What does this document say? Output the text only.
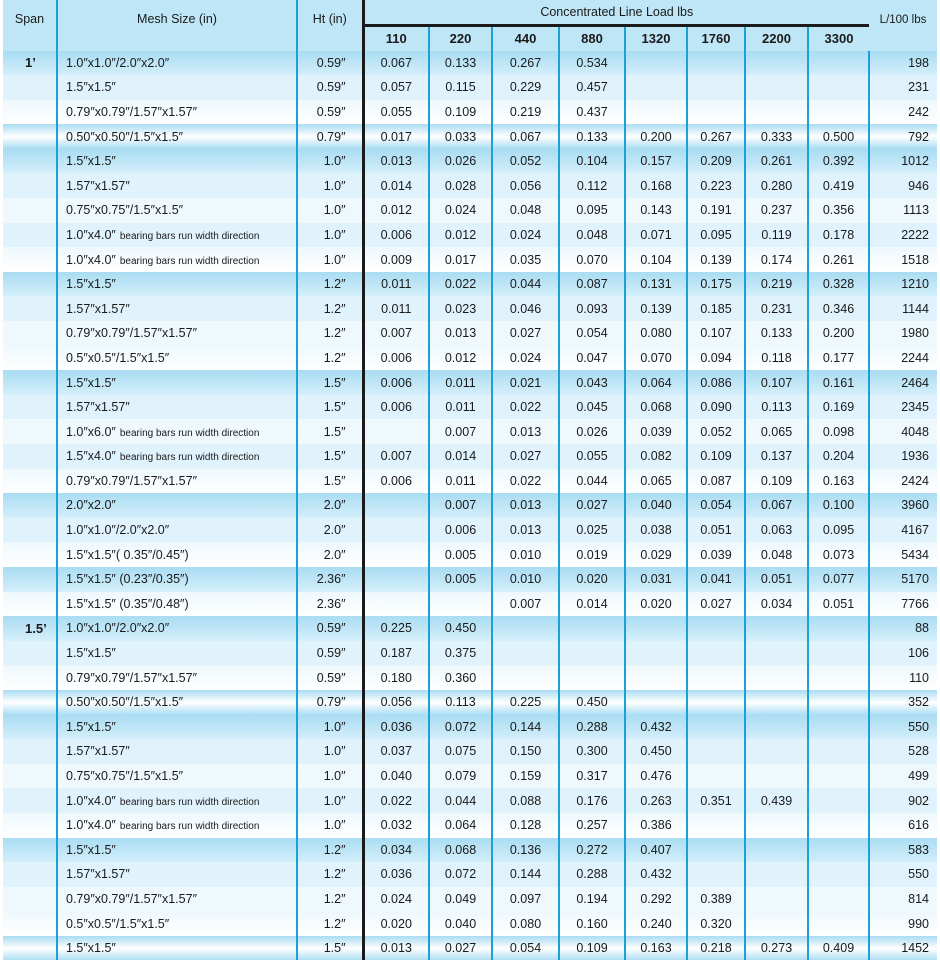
Span	Mesh Size (in)	Ht (in)	Concentrated Line Load lbs								L/100 lbs
			110	220	440	880	1320	1760	2200	3300	
1’	1.0″x1.0″/2.0″x2.0″	0.59″	0.067	0.133	0.267	0.534					198
	1.5″x1.5″	0.59″	0.057	0.115	0.229	0.457					231
	0.79″x0.79″/1.57″x1.57″	0.59″	0.055	0.109	0.219	0.437					242
	0.50″x0.50″/1.5″x1.5″	0.79″	0.017	0.033	0.067	0.133	0.200	0.267	0.333	0.500	792
	1.5″x1.5″	1.0″	0.013	0.026	0.052	0.104	0.157	0.209	0.261	0.392	1012
	1.57″x1.57″	1.0″	0.014	0.028	0.056	0.112	0.168	0.223	0.280	0.419	946
	0.75″x0.75″/1.5″x1.5″	1.0″	0.012	0.024	0.048	0.095	0.143	0.191	0.237	0.356	1113
	1.0″x4.0″ bearing bars run width direction	1.0″	0.006	0.012	0.024	0.048	0.071	0.095	0.119	0.178	2222
	1.0″x4.0″ bearing bars run width direction	1.0″	0.009	0.017	0.035	0.070	0.104	0.139	0.174	0.261	1518
	1.5″x1.5″	1.2″	0.011	0.022	0.044	0.087	0.131	0.175	0.219	0.328	1210
	1.57″x1.57″	1.2″	0.011	0.023	0.046	0.093	0.139	0.185	0.231	0.346	1144
	0.79″x0.79″/1.57″x1.57″	1.2″	0.007	0.013	0.027	0.054	0.080	0.107	0.133	0.200	1980
	0.5″x0.5″/1.5″x1.5″	1.2″	0.006	0.012	0.024	0.047	0.070	0.094	0.118	0.177	2244
	1.5″x1.5″	1.5″	0.006	0.011	0.021	0.043	0.064	0.086	0.107	0.161	2464
	1.57″x1.57″	1.5″	0.006	0.011	0.022	0.045	0.068	0.090	0.113	0.169	2345
	1.0″x6.0″ bearing bars run width direction	1.5″		0.007	0.013	0.026	0.039	0.052	0.065	0.098	4048
	1.5″x4.0″ bearing bars run width direction	1.5″	0.007	0.014	0.027	0.055	0.082	0.109	0.137	0.204	1936
	0.79″x0.79″/1.57″x1.57″	1.5″	0.006	0.011	0.022	0.044	0.065	0.087	0.109	0.163	2424
	2.0″x2.0″	2.0″		0.007	0.013	0.027	0.040	0.054	0.067	0.100	3960
	1.0″x1.0″/2.0″x2.0″	2.0″		0.006	0.013	0.025	0.038	0.051	0.063	0.095	4167
	1.5″x1.5″( 0.35″/0.45″)	2.0″		0.005	0.010	0.019	0.029	0.039	0.048	0.073	5434
	1.5″x1.5″ (0.23″/0.35″)	2.36″		0.005	0.010	0.020	0.031	0.041	0.051	0.077	5170
	1.5″x1.5″ (0.35″/0.48″)	2.36″			0.007	0.014	0.020	0.027	0.034	0.051	7766
1.5’	1.0″x1.0″/2.0″x2.0″	0.59″	0.225	0.450							88
	1.5″x1.5″	0.59″	0.187	0.375							106
	0.79″x0.79″/1.57″x1.57″	0.59″	0.180	0.360							110
	0.50″x0.50″/1.5″x1.5″	0.79″	0.056	0.113	0.225	0.450					352
	1.5″x1.5″	1.0″	0.036	0.072	0.144	0.288	0.432				550
	1.57″x1.57″	1.0″	0.037	0.075	0.150	0.300	0.450				528
	0.75″x0.75″/1.5″x1.5″	1.0″	0.040	0.079	0.159	0.317	0.476				499
	1.0″x4.0″ bearing bars run width direction	1.0″	0.022	0.044	0.088	0.176	0.263	0.351	0.439		902
	1.0″x4.0″ bearing bars run width direction	1.0″	0.032	0.064	0.128	0.257	0.386				616
	1.5″x1.5″	1.2″	0.034	0.068	0.136	0.272	0.407				583
	1.57″x1.57″	1.2″	0.036	0.072	0.144	0.288	0.432				550
	0.79″x0.79″/1.57″x1.57″	1.2″	0.024	0.049	0.097	0.194	0.292	0.389			814
	0.5″x0.5″/1.5″x1.5″	1.2″	0.020	0.040	0.080	0.160	0.240	0.320			990
	1.5″x1.5″	1.5″	0.013	0.027	0.054	0.109	0.163	0.218	0.273	0.409	1452
